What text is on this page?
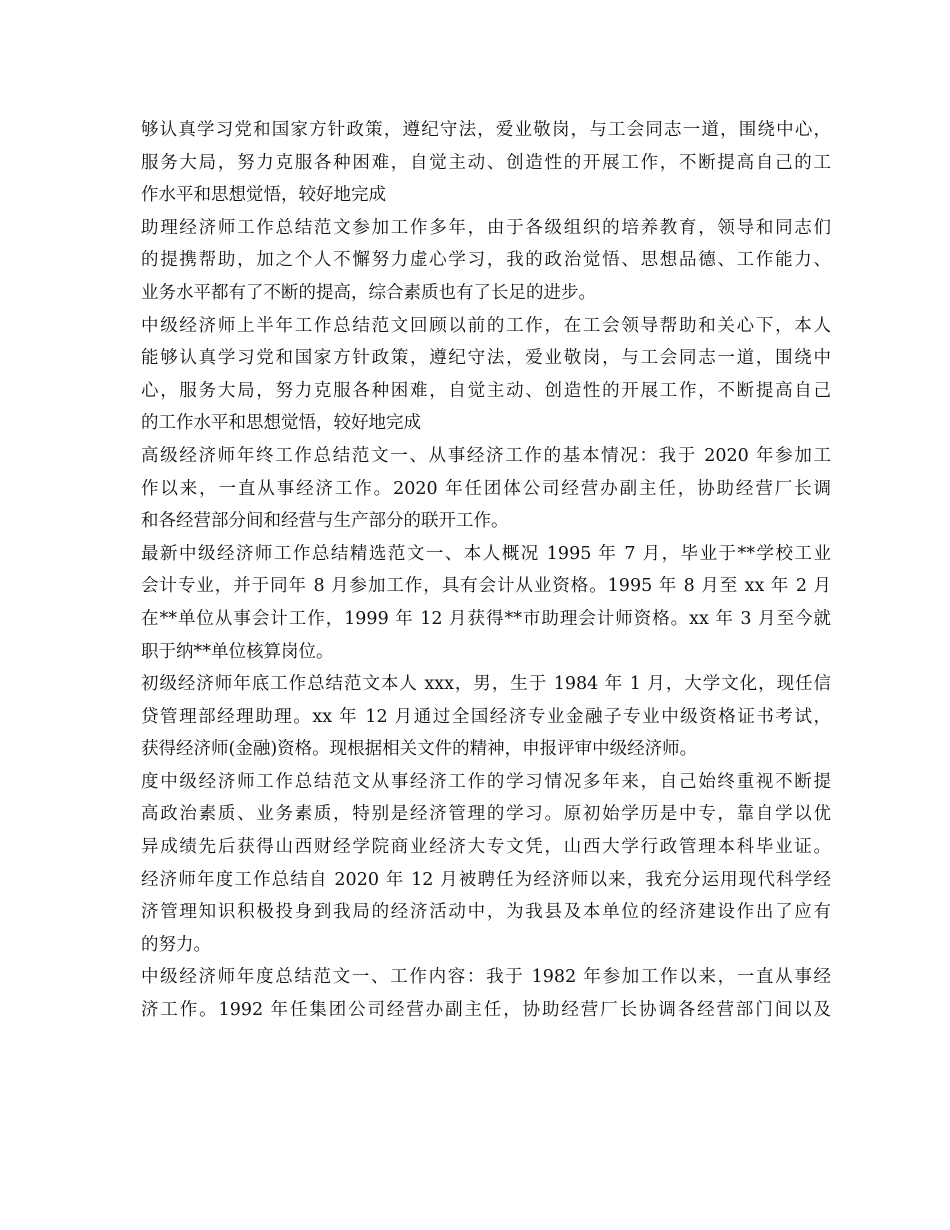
够认真学习党和国家方针政策，遵纪守法，爱业敬岗，与工会同志一道，围绕中心，
服务大局，努力克服各种困难，自觉主动、创造性的开展工作，不断提高自己的工
作水平和思想觉悟，较好地完成
助理经济师工作总结范文参加工作多年，由于各级组织的培养教育，领导和同志们
的提携帮助，加之个人不懈努力虚心学习，我的政治觉悟、思想品德、工作能力、
业务水平都有了不断的提高，综合素质也有了长足的进步。
中级经济师上半年工作总结范文回顾以前的工作，在工会领导帮助和关心下，本人
能够认真学习党和国家方针政策，遵纪守法，爱业敬岗，与工会同志一道，围绕中
心，服务大局，努力克服各种困难，自觉主动、创造性的开展工作，不断提高自己
的工作水平和思想觉悟，较好地完成
高级经济师年终工作总结范文一、从事经济工作的基本情况：我于 2020 年参加工
作以来，一直从事经济工作。2020 年任团体公司经营办副主任，协助经营厂长调
和各经营部分间和经营与生产部分的联开工作。
最新中级经济师工作总结精选范文一、本人概况 1995 年 7 月，毕业于**学校工业
会计专业，并于同年 8 月参加工作，具有会计从业资格。1995 年 8 月至 xx 年 2 月
在**单位从事会计工作，1999 年 12 月获得**市助理会计师资格。xx 年 3 月至今就
职于纳**单位核算岗位。
初级经济师年底工作总结范文本人 xxx，男，生于 1984 年 1 月，大学文化，现任信
贷管理部经理助理。xx 年 12 月通过全国经济专业金融子专业中级资格证书考试，
获得经济师(金融)资格。现根据相关文件的精神，申报评审中级经济师。
度中级经济师工作总结范文从事经济工作的学习情况多年来，自己始终重视不断提
高政治素质、业务素质，特别是经济管理的学习。原初始学历是中专，靠自学以优
异成绩先后获得山西财经学院商业经济大专文凭，山西大学行政管理本科毕业证。
经济师年度工作总结自 2020 年 12 月被聘任为经济师以来，我充分运用现代科学经
济管理知识积极投身到我局的经济活动中，为我县及本单位的经济建设作出了应有
的努力。
中级经济师年度总结范文一、工作内容：我于 1982 年参加工作以来，一直从事经
济工作。1992 年任集团公司经营办副主任，协助经营厂长协调各经营部门间以及
